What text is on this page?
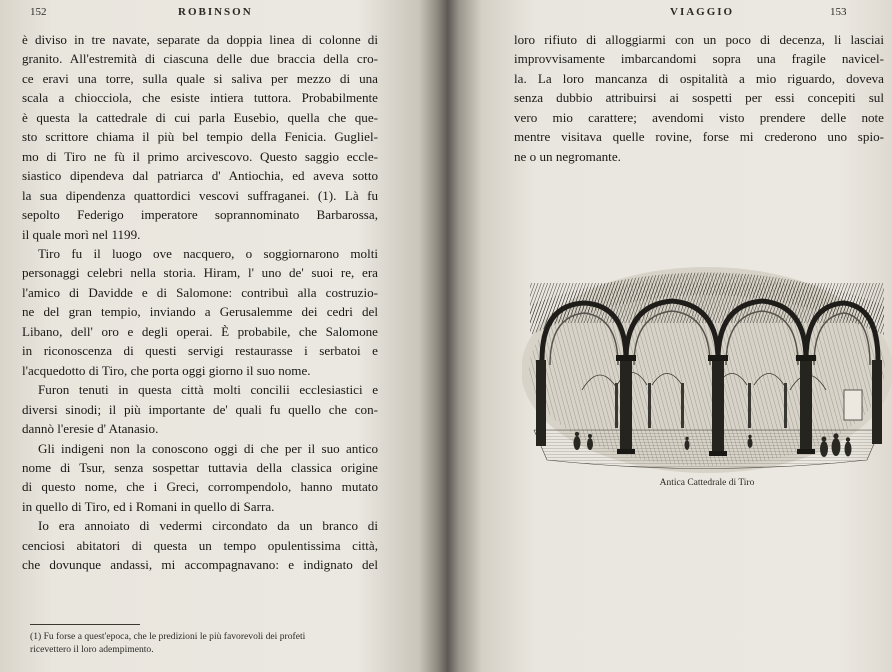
152	ROBINSON
è diviso in tre navate, separate da doppia linea di colonne di
granito. All'estremità di ciascuna delle due braccia della cro-
ce eravi una torre, sulla quale si saliva per mezzo di una
scala a chiocciola, che esiste intiera tuttora. Probabilmente
è questa la cattedrale di cui parla Eusebio, quella che que-
sto scrittore chiama il più bel tempio della Fenicia. Gugliel-
mo di Tiro ne fù il primo arcivescovo. Questo saggio eccle-
siastico dipendeva dal patriarca d' Antiochia, ed aveva sotto
la sua dipendenza quattordici vescovi suffraganei. (1). Là fu
sepolto Federigo imperatore soprannominato Barbarossa,
il quale morì nel 1199.
Tiro fu il luogo ove nacquero, o soggiornarono molti
personaggi celebri nella storia. Hiram, l' uno de' suoi re, era
l'amico di Davidde e di Salomone: contribuì alla costruzio-
ne del gran tempio, inviando a Gerusalemme dei cedri del
Libano, dell' oro e degli operai. È probabile, che Salomone
in riconoscenza di questi servigi restaurasse i serbatoi e
l'acquedotto di Tiro, che porta oggi giorno il suo nome.
Furon tenuti in questa città molti concilii ecclesiastici e
diversi sinodi; il più importante de' quali fu quello che con-
dannò l'eresie d' Atanasio.
Gli indigeni non la conoscono oggi di che per il suo antico
nome di Tsur, senza sospettar tuttavia della classica origine
di questo nome, che i Greci, corrompendolo, hanno mutato
in quello di Tiro, ed i Romani in quello di Sarra.
Io era annoiato di vedermi circondato da un branco di
cenciosi abitatori di questa un tempo opulentissima città,
che dovunque andassi, mi accompagnavano: e indignato del
(1) Fu forse a quest'epoca, che le predizioni le più favorevoli dei profeti
ricevettero il loro adempimento.
VIAGGIO	153
loro rifiuto di alloggiarmi con un poco di decenza, li lasciai
improvvisamente imbarcandomi sopra una fragile navicel-
la. La loro mancanza di ospitalità a mio riguardo, doveva
senza dubbio attribuirsi ai sospetti per essi concepiti sul
vero mio carattere; avendomi visto prendere delle note
mentre visitava quelle rovine, forse mi crederono uno spio-
ne o un negromante.
Antica Cattedrale di Tiro
